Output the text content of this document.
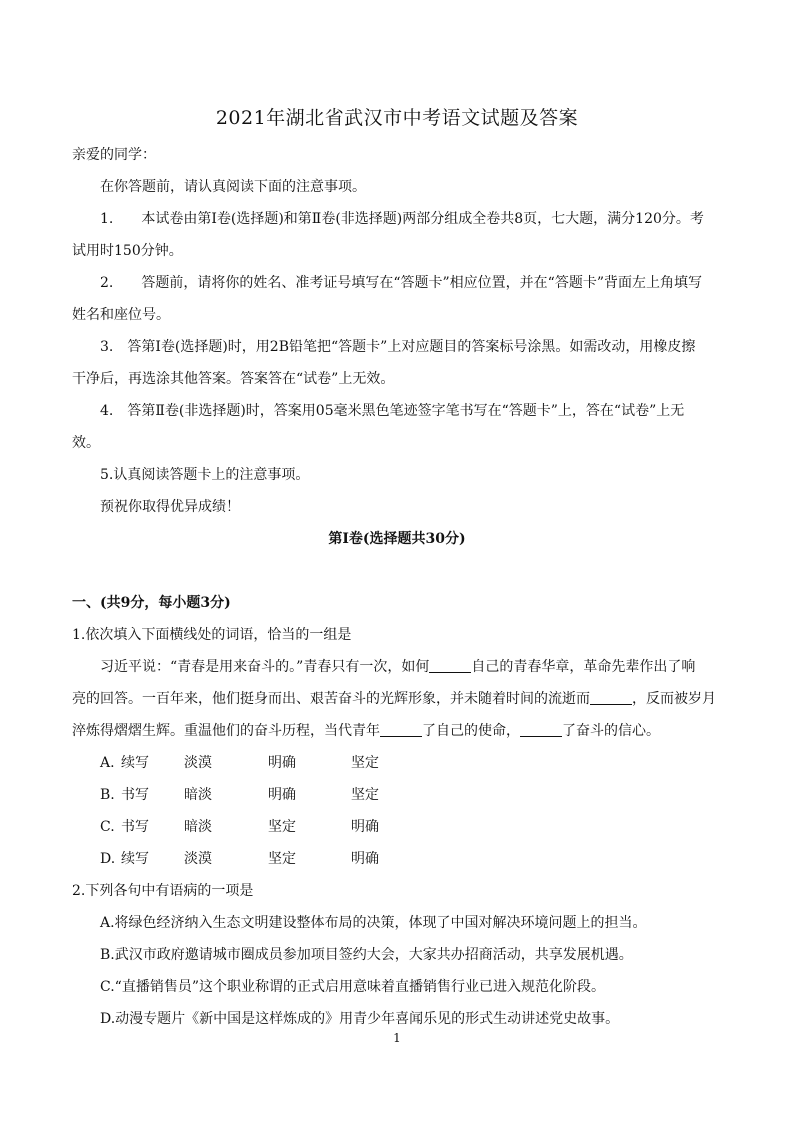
2021年湖北省武汉市中考语文试题及答案
亲爱的同学：
在你答题前，请认真阅读下面的注意事项。
1.　　本试卷由第Ⅰ卷(选择题)和第Ⅱ卷(非选择题)两部分组成全卷共8页，七大题，满分120分。考
试用时150分钟。
2.　　答题前，请将你的姓名、准考证号填写在“答题卡”相应位置，并在“答题卡”背面左上角填写
姓名和座位号。
3.　答第Ⅰ卷(选择题)时，用2B铅笔把“答题卡”上对应题目的答案标号涂黑。如需改动，用橡皮擦
干净后，再选涂其他答案。答案答在“试卷”上无效。
4.　答第Ⅱ卷(非选择题)时，答案用05毫米黑色笔迹签字笔书写在“答题卡”上，答在“试卷”上无
效。
5.认真阅读答题卡上的注意事项。
预祝你取得优异成绩！
第Ⅰ卷(选择题共30分)
一、(共9分，每小题3分)
1.依次填入下面横线处的词语，恰当的一组是
习近平说：“青春是用来奋斗的。”青春只有一次，如何	自己的青春华章，革命先辈作出了响
亮的回答。一百年来，他们挺身而出、艰苦奋斗的光辉形象，并未随着时间的流逝而	，反而被岁月
淬炼得熠熠生辉。重温他们的奋斗历程，当代青年	了自己的使命，	了奋斗的信心。
A. 续写	淡漠	明确	坚定
B. 书写	暗淡	明确	坚定
C. 书写	暗淡	坚定	明确
D. 续写	淡漠	坚定	明确
2.下列各句中有语病的一项是
A.将绿色经济纳入生态文明建设整体布局的决策，体现了中国对解决环境问题上的担当。
B.武汉市政府邀请城市圈成员参加项目签约大会，大家共办招商活动，共享发展机遇。
C.“直播销售员”这个职业称谓的正式启用意味着直播销售行业已进入规范化阶段。
D.动漫专题片《新中国是这样炼成的》用青少年喜闻乐见的形式生动讲述党史故事。
1
